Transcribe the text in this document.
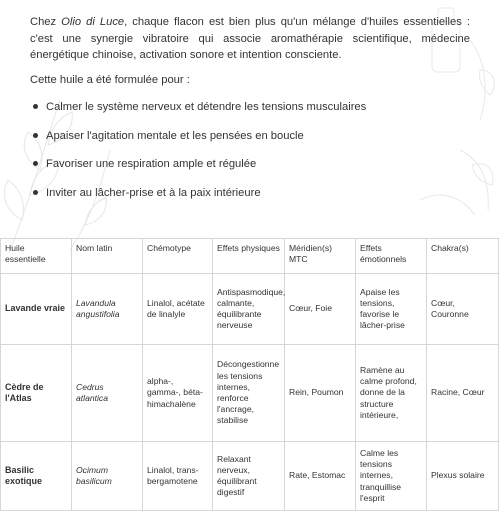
Chez Olio di Luce, chaque flacon est bien plus qu'un mélange d'huiles essentielles : c'est une synergie vibratoire qui associe aromathérapie scientifique, médecine énergétique chinoise, activation sonore et intention consciente.

Cette huile a été formulée pour :
Calmer le système nerveux et détendre les tensions musculaires
Apaiser l'agitation mentale et les pensées en boucle
Favoriser une respiration ample et régulée
Inviter au lâcher-prise et à la paix intérieure
Huile essentielle	Nom latin	Chémotype	Effets physiques	Méridien(s) MTC	Effets émotionnels	Chakra(s)
Lavande vraie	Lavandula angustifolia	Linalol, acétate de linalyle	Antispasmodique, calmante, équilibrante nerveuse	Cœur, Foie	Apaise les tensions, favorise le lâcher-prise	Cœur, Couronne
Cèdre de l'Atlas	Cedrus atlantica	alpha-, gamma-, béta-himachalène	Décongestionne les tensions internes, renforce l'ancrage, stabilise	Rein, Poumon	Ramène au calme profond, donne de la structure intérieure,	Racine, Cœur
Basilic exotique	Ocimum basilicum	Linalol, trans-bergamotene	Relaxant nerveux, équilibrant digestif	Rate, Estomac	Calme les tensions internes, tranquillise l'esprit	Plexus solaire
